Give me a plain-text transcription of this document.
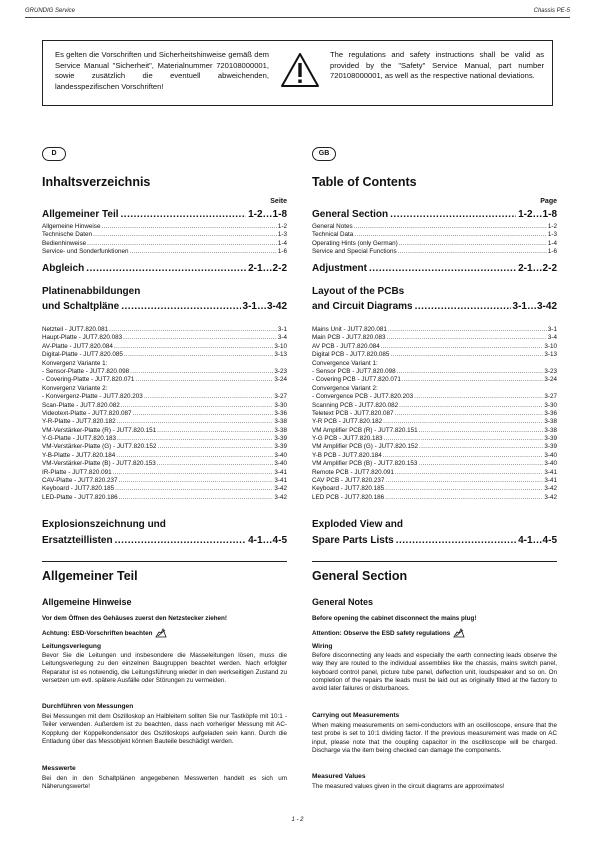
GRUNDIG Service	Chassis PE-5
Es gelten die Vorschriften und Sicherheitshinweise gemäß dem Service Manual "Sicherheit", Materialnummer 720108000001, sowie zusätzlich die eventuell abweichenden, landesspezifischen Vorschriften!
The regulations and safety instructions shall be valid as provided by the "Safety" Service Manual, part number 720108000001, as well as the respective national deviations.
D
Inhaltsverzeichnis
Seite
Allgemeiner Teil .....	1-2…1-8
Allgemeine Hinweise .....	1-2
Technische Daten .....	1-3
Bedienhinweise .....	1-4
Service- und Sonderfunktionen .....	1-6
Abgleich .....	2-1…2-2
Platinenabbildungen
und Schaltpläne .....	3-1…3-42
Netzteil - JUT7.820.081 .....	3-1
Haupt-Platte - JUT7.820.083 .....	3-4
AV-Platte - JUT7.820.084 .....	3-10
Digital-Platte - JUT7.820.085 .....	3-13
Konvergenz Variante 1:
- Sensor-Platte - JUT7.820.098 .....	3-23
- Covering-Platte - JUT7.820.071 .....	3-24
Konvergenz Variante 2:
- Konvergenz-Platte - JUT7.820.203 .....	3-27
Scan-Platte - JUT7.820.082 .....	3-30
Videotext-Platte - JUT7.820.087 .....	3-36
Y-R-Platte - JUT7.820.182 .....	3-38
VM-Verstärker-Platte (R) - JUT7.820.151 .....	3-38
Y-G-Platte - JUT7.820.183 .....	3-39
VM-Verstärker-Platte (G) - JUT7.820.152 .....	3-39
Y-B-Platte - JUT7.820.184 .....	3-40
VM-Verstärker-Platte (B) - JUT7.820.153 .....	3-40
IR-Platte - JUT7.820.091 .....	3-41
CAV-Platte - JUT7.820.237 .....	3-41
Keyboard - JUT7.820.185 .....	3-42
LED-Platte - JUT7.820.186 .....	3-42
Explosionszeichnung und
Ersatzteillisten .....	4-1…4-5
Allgemeiner Teil
Allgemeine Hinweise
Vor dem Öffnen des Gehäuses zuerst den Netzstecker ziehen!
Achtung: ESD-Vorschriften beachten
Leitungsverlegung
Bevor Sie die Leitungen und insbesondere die Masseleitungen lösen, muss die Leitungsverlegung zu den einzelnen Baugruppen beachtet werden. Nach erfolgter Reparatur ist es notwendig, die Leitungsführung wieder in den werkseitigen Zustand zu versetzen um evtl. spätere Ausfälle oder Störungen zu vermeiden.
Durchführen von Messungen
Bei Messungen mit dem Oszilloskop an Halbleitern sollten Sie nur Tastköpfe mit 10:1 - Teiler verwenden. Außerdem ist zu beachten, dass nach vorheriger Messung mit AC-Kopplung der Koppelkondensator des Oszilloskops aufgeladen sein kann. Durch die Entladung über das Messobjekt können Bauteile beschädigt werden.
Messwerte
Bei den in den Schaltplänen angegebenen Messwerten handelt es sich um Näherungswerte!
GB
Table of Contents
Page
General Section .....	1-2…1-8
General Notes .....	1-2
Technical Data .....	1-3
Operating Hints (only German) .....	1-4
Service and Special Functions .....	1-6
Adjustment .....	2-1…2-2
Layout of the PCBs
and Circuit Diagrams .....	3-1…3-42
Mains Unit - JUT7.820.081 .....	3-1
Main PCB - JUT7.820.083 .....	3-4
AV PCB - JUT7.820.084 .....	3-10
Digital PCB - JUT7.820.085 .....	3-13
Convergence Variant 1:
- Sensor PCB - JUT7.820.098 .....	3-23
- Covering PCB - JUT7.820.071 .....	3-24
Convergence Variant 2:
- Convergence PCB - JUT7.820.203 .....	3-27
Scanning PCB - JUT7.820.082 .....	3-30
Teletext PCB - JUT7.820.087 .....	3-36
Y-R PCB - JUT7.820.182 .....	3-38
VM Amplifier PCB (R) - JUT7.820.151 .....	3-38
Y-G PCB - JUT7.820.183 .....	3-39
VM Amplifier PCB (G) - JUT7.820.152 .....	3-39
Y-B PCB - JUT7.820.184 .....	3-40
VM Amplifier PCB (B) - JUT7.820.153 .....	3-40
Remote PCB - JUT7.820.091 .....	3-41
CAV PCB - JUT7.820.237 .....	3-41
Keyboard - JUT7.820.185 .....	3-42
LED PCB - JUT7.820.186 .....	3-42
Exploded View and
Spare Parts Lists .....	4-1…4-5
General Section
General Notes
Before opening the cabinet disconnect the mains plug!
Attention: Observe the ESD safety regulations
Wiring
Before disconnecting any leads and especially the earth connecting leads observe the way they are routed to the individual assemblies like the chassis, mains switch panel, keyboard control panel, picture tube panel, deflection unit, loudspeaker and so on. On completion of the repairs the leads must be laid out as originally fitted at the factory to avoid later failures or disturbances.
Carrying out Measurements
When making measurements on semi-conductors with an oscilloscope, ensure that the test probe is set to 10:1 dividing factor. If the previous measurement was made on AC input, please note that the coupling capacitor in the oscilloscope will be charged. Discharge via the item being checked can damage the components.
Measured Values
The measured values given in the circuit diagrams are approximates!
1 - 2
